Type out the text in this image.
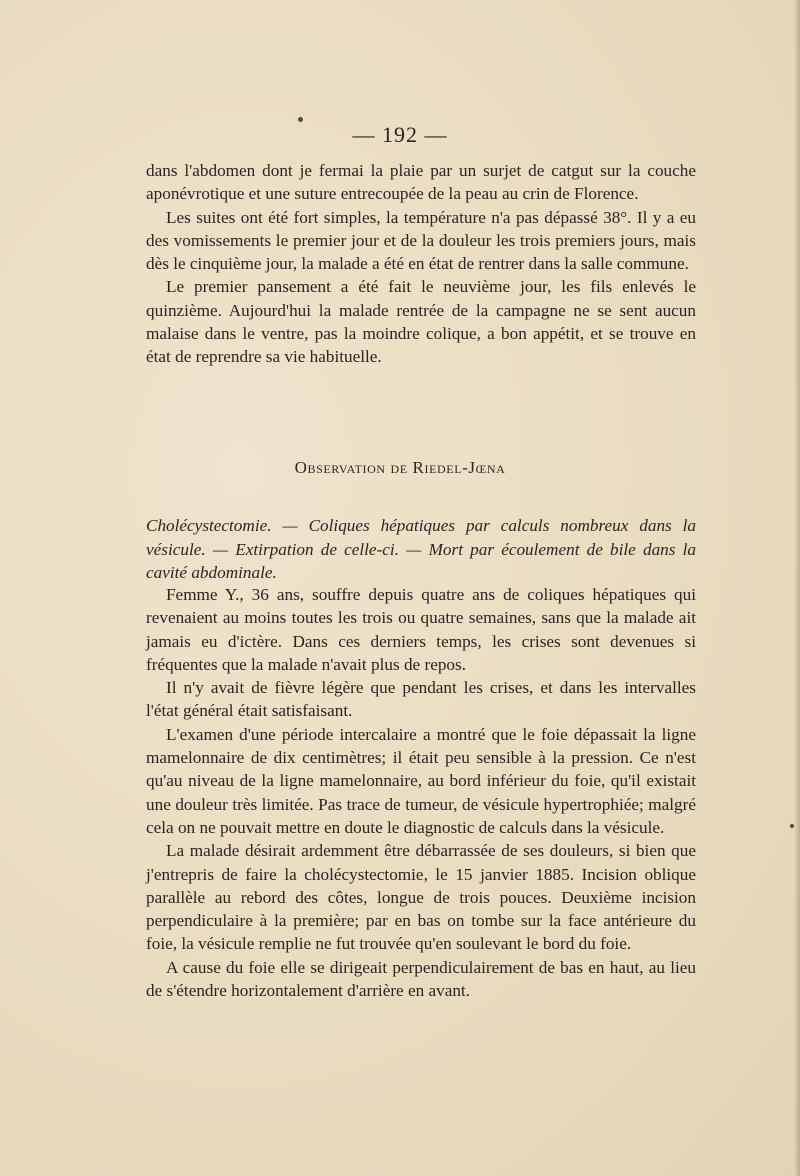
— 192 —

dans l'abdomen dont je fermai la plaie par un surjet de catgut sur la couche aponévrotique et une suture entrecoupée de la peau au crin de Florence.

Les suites ont été fort simples, la température n'a pas dépassé 38°. Il y a eu des vomissements le premier jour et de la douleur les trois premiers jours, mais dès le cinquième jour, la malade a été en état de rentrer dans la salle commune.

Le premier pansement a été fait le neuvième jour, les fils enlevés le quinzième. Aujourd'hui la malade rentrée de la campagne ne se sent aucun malaise dans le ventre, pas la moindre colique, a bon appétit, et se trouve en état de reprendre sa vie habituelle.

Observation de Riedel-Jœna

Cholécystectomie. — Coliques hépatiques par calculs nombreux dans la vésicule. — Extirpation de celle-ci. — Mort par écoulement de bile dans la cavité abdominale.

Femme Y., 36 ans, souffre depuis quatre ans de coliques hépatiques qui revenaient au moins toutes les trois ou quatre semaines, sans que la malade ait jamais eu d'ictère. Dans ces derniers temps, les crises sont devenues si fréquentes que la malade n'avait plus de repos.

Il n'y avait de fièvre légère que pendant les crises, et dans les intervalles l'état général était satisfaisant.

L'examen d'une période intercalaire a montré que le foie dépassait la ligne mamelonnaire de dix centimètres; il était peu sensible à la pression. Ce n'est qu'au niveau de la ligne mamelonnaire, au bord inférieur du foie, qu'il existait une douleur très limitée. Pas trace de tumeur, de vésicule hypertrophiée; malgré cela on ne pouvait mettre en doute le diagnostic de calculs dans la vésicule.

La malade désirait ardemment être débarrassée de ses douleurs, si bien que j'entrepris de faire la cholécystectomie, le 15 janvier 1885. Incision oblique parallèle au rebord des côtes, longue de trois pouces. Deuxième incision perpendiculaire à la première; par en bas on tombe sur la face antérieure du foie, la vésicule remplie ne fut trouvée qu'en soulevant le bord du foie.

A cause du foie elle se dirigeait perpendiculairement de bas en haut, au lieu de s'étendre horizontalement d'arrière en avant.
